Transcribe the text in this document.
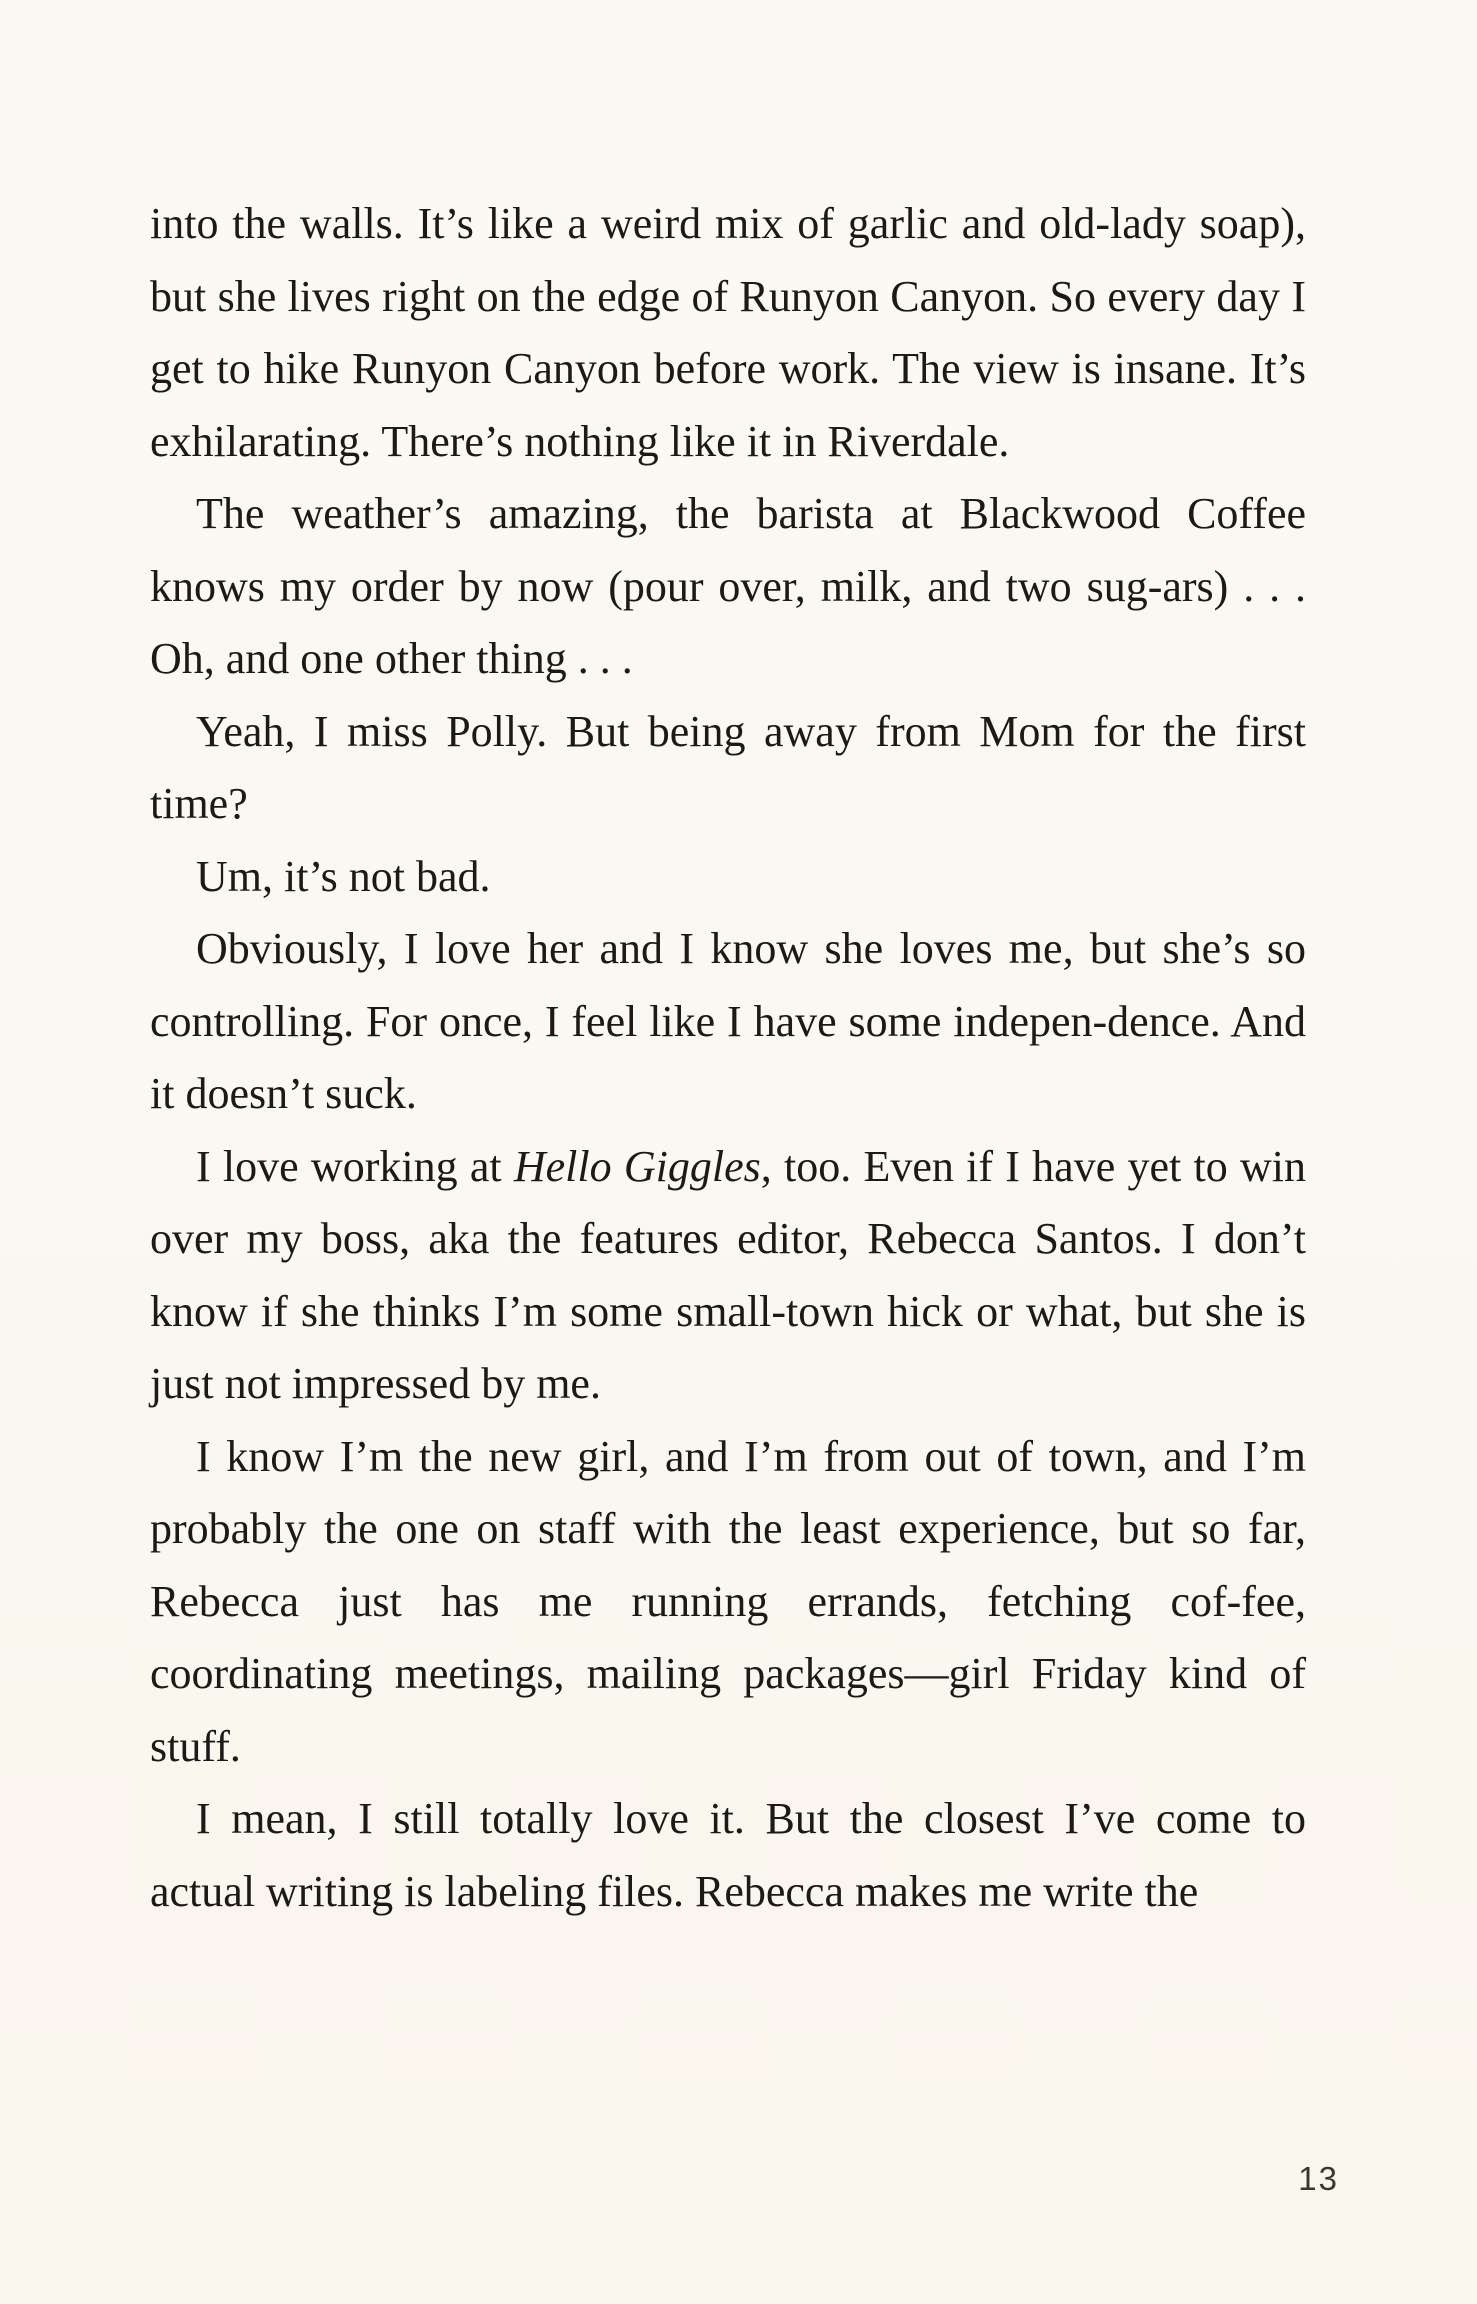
into the walls. It’s like a weird mix of garlic and old-lady soap), but she lives right on the edge of Runyon Canyon. So every day I get to hike Runyon Canyon before work. The view is insane. It’s exhilarating. There’s nothing like it in Riverdale.

The weather’s amazing, the barista at Blackwood Coffee knows my order by now (pour over, milk, and two sug-ars) . . . Oh, and one other thing . . .

Yeah, I miss Polly. But being away from Mom for the first time?

Um, it’s not bad.

Obviously, I love her and I know she loves me, but she’s so controlling. For once, I feel like I have some indepen-dence. And it doesn’t suck.

I love working at Hello Giggles, too. Even if I have yet to win over my boss, aka the features editor, Rebecca Santos. I don’t know if she thinks I’m some small-town hick or what, but she is just not impressed by me.

I know I’m the new girl, and I’m from out of town, and I’m probably the one on staff with the least experience, but so far, Rebecca just has me running errands, fetching cof-fee, coordinating meetings, mailing packages—girl Friday kind of stuff.

I mean, I still totally love it. But the closest I’ve come to actual writing is labeling files. Rebecca makes me write the

13
